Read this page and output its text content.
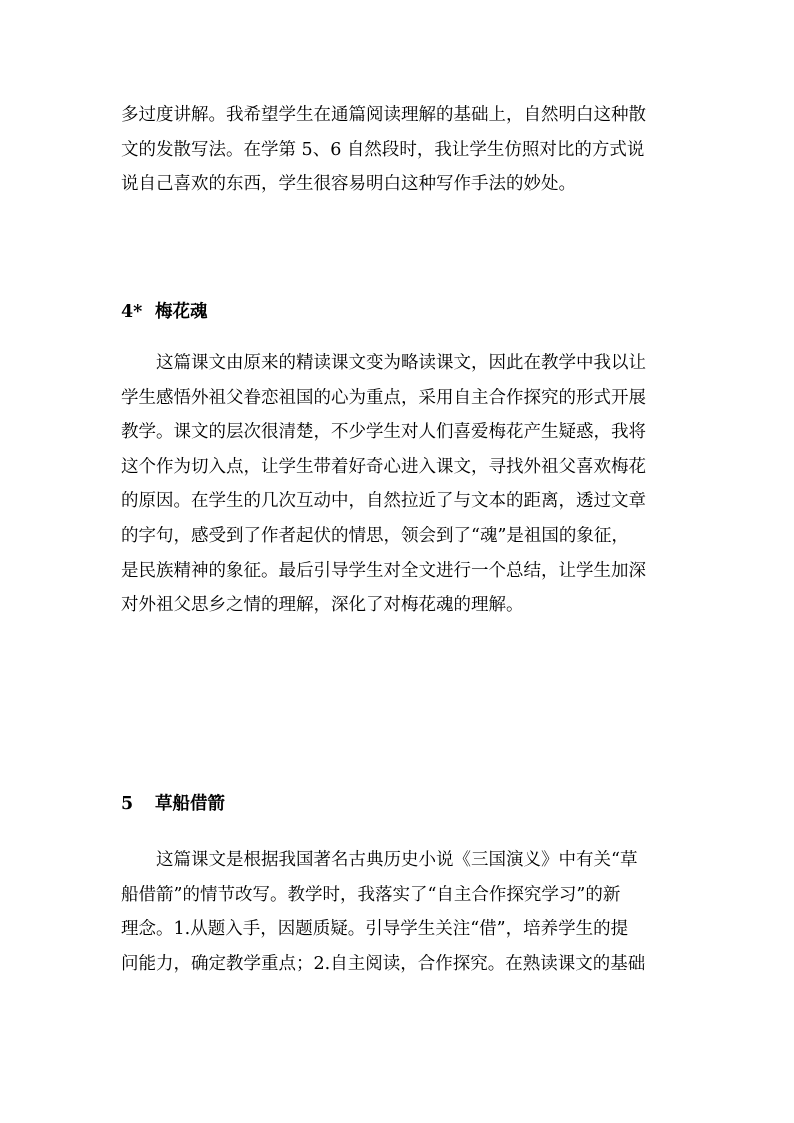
多过度讲解。我希望学生在通篇阅读理解的基础上，自然明白这种散
文的发散写法。在学第 5、6 自然段时，我让学生仿照对比的方式说
说自己喜欢的东西，学生很容易明白这种写作手法的妙处。
4* 梅花魂
这篇课文由原来的精读课文变为略读课文，因此在教学中我以让
学生感悟外祖父眷恋祖国的心为重点，采用自主合作探究的形式开展
教学。课文的层次很清楚，不少学生对人们喜爱梅花产生疑惑，我将
这个作为切入点，让学生带着好奇心进入课文，寻找外祖父喜欢梅花
的原因。在学生的几次互动中，自然拉近了与文本的距离，透过文章
的字句，感受到了作者起伏的情思，领会到了“魂”是祖国的象征，
是民族精神的象征。最后引导学生对全文进行一个总结，让学生加深
对外祖父思乡之情的理解，深化了对梅花魂的理解。
5 草船借箭
这篇课文是根据我国著名古典历史小说《三国演义》中有关“草
船借箭”的情节改写。教学时，我落实了“自主合作探究学习”的新
理念。1.从题入手，因题质疑。引导学生关注“借”，培养学生的提
问能力，确定教学重点；2.自主阅读，合作探究。在熟读课文的基础
